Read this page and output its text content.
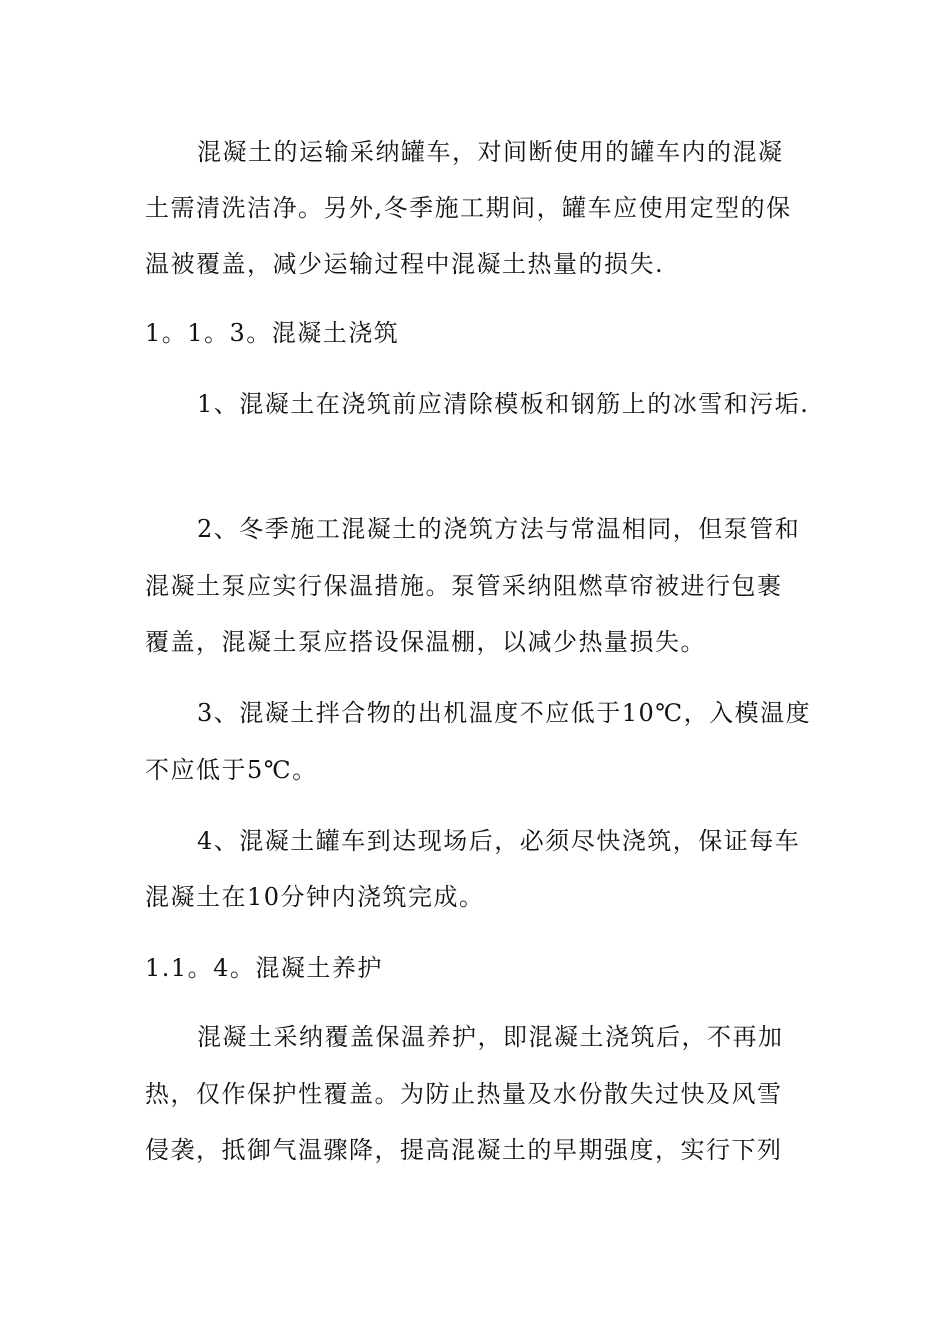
混凝土的运输采纳罐车，对间断使用的罐车内的混凝
土需清洗洁净。另外,冬季施工期间，罐车应使用定型的保
温被覆盖，减少运输过程中混凝土热量的损失.
1。1。3。混凝土浇筑
1、混凝土在浇筑前应清除模板和钢筋上的冰雪和污垢.
2、冬季施工混凝土的浇筑方法与常温相同，但泵管和
混凝土泵应实行保温措施。泵管采纳阻燃草帘被进行包裹
覆盖，混凝土泵应搭设保温棚，以减少热量损失。
3、混凝土拌合物的出机温度不应低于10℃，入模温度
不应低于5℃。
4、混凝土罐车到达现场后，必须尽快浇筑，保证每车
混凝土在10分钟内浇筑完成。
1.1。4。混凝土养护
混凝土采纳覆盖保温养护，即混凝土浇筑后，不再加
热，仅作保护性覆盖。为防止热量及水份散失过快及风雪
侵袭，抵御气温骤降，提高混凝土的早期强度，实行下列
